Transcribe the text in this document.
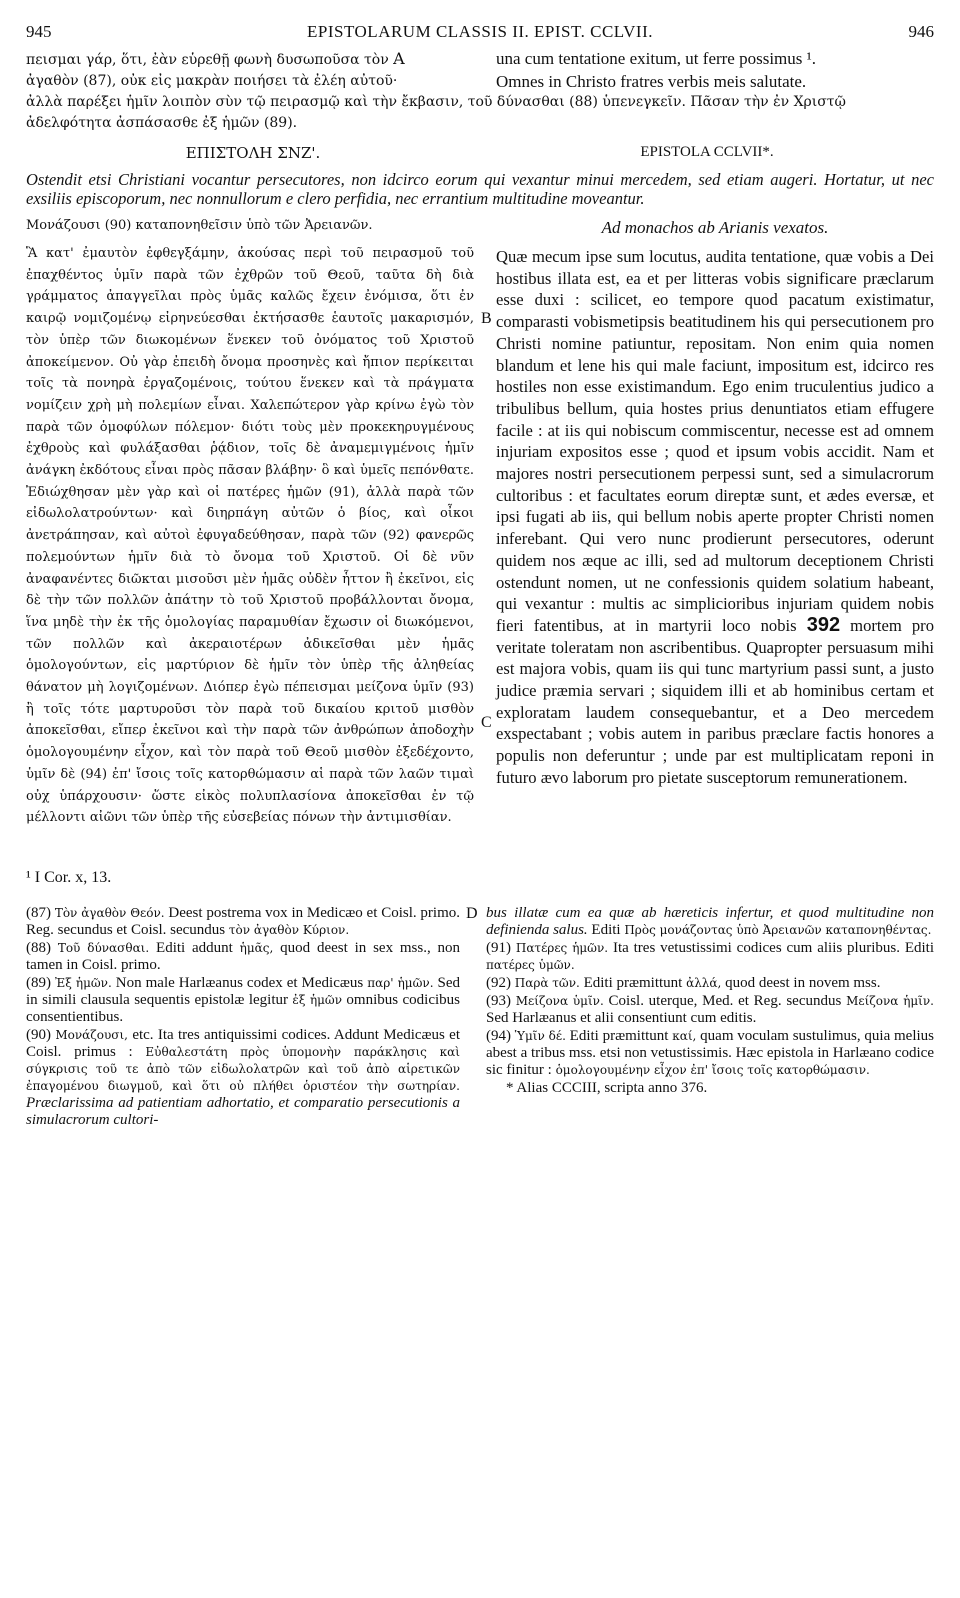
945	EPISTOLARUM CLASSIS II. EPIST. CCLVII.	946
πεισμαι γάρ, ὅτι, ἐὰν εὑρεθῇ φωνὴ δυσωποῦσα τὸν A	una cum tentatione exitum, ut ferre possimus ¹.
ἀγαθὸν (87), οὐκ εἰς μακρὰν ποιήσει τὰ ἐλέη αὐτοῦ·	Omnes in Christo fratres verbis meis salutate.
ἀλλὰ παρέξει ἡμῖν λοιπὸν σὺν τῷ πειρασμῷ καὶ τὴν ἔκβασιν, τοῦ δύνασθαι (88) ὑπενεγκεῖν. Πᾶσαν τὴν ἐν Χριστῷ ἀδελφότητα ἀσπάσασθε ἐξ ἡμῶν (89).
ΕΠΙΣΤΟΛΗ ΣΝΖ'.	EPISTOLA CCLVII*.
Ostendit etsi Christiani vocantur persecutores, non idcirco eorum qui vexantur minui mercedem, sed etiam augeri. Hortatur, ut nec exsiliis episcoporum, nec nonnullorum e clero perfidia, nec errantium multitudine moveantur.
Μονάζουσι (90) καταπονηθεῖσιν ὑπὸ τῶν Ἀρειανῶν.

Ἃ κατ' ἐμαυτὸν ἐφθεγξάμην, ἀκούσας περὶ τοῦ πειρασμοῦ τοῦ ἐπαχθέντος ὑμῖν παρὰ τῶν ἐχθρῶν τοῦ Θεοῦ, ταῦτα δὴ διὰ γράμματος ἀπαγγεῖλαι πρὸς ὑμᾶς καλῶς ἔχειν ἐνόμισα, ὅτι ἐν καιρῷ νομιζομένῳ εἰρηνεύεσθαι ἐκτήσασθε ἑαυτοῖς μακαρισμόν, τὸν ὑπὲρ τῶν διωκομένων ἕνεκεν τοῦ ὀνόματος τοῦ Χριστοῦ ἀποκείμενον. Οὐ γὰρ ἐπειδὴ ὄνομα προσηνὲς καὶ ἤπιον περίκειται τοῖς τὰ πονηρὰ ἐργαζομένοις, τούτου ἕνεκεν καὶ τὰ πράγματα νομίζειν χρὴ μὴ πολεμίων εἶναι. Χαλεπώτερον γὰρ κρίνω ἐγὼ τὸν παρὰ τῶν ὁμοφύλων πόλεμον· διότι τοὺς μὲν προκεκηρυγμένους ἐχθροὺς καὶ φυλάξασθαι ῥᾴδιον, τοῖς δὲ ἀναμεμιγμένοις ἡμῖν ἀνάγκη ἐκδότους εἶναι πρὸς πᾶσαν βλάβην· ὃ καὶ ὑμεῖς πεπόνθατε. Ἐδιώχθησαν μὲν γὰρ καὶ οἱ πατέρες ἡμῶν (91), ἀλλὰ παρὰ τῶν εἰδωλολατρούντων· καὶ διηρπάγη αὐτῶν ὁ βίος, καὶ οἶκοι ἀνετράπησαν, καὶ αὐτοὶ ἐφυγαδεύθησαν, παρὰ τῶν (92) φανερῶς πολεμούντων ἡμῖν διὰ τὸ ὄνομα τοῦ Χριστοῦ. Οἱ δὲ νῦν ἀναφανέντες διῶκται μισοῦσι μὲν ἡμᾶς οὐδὲν ἧττον ἢ ἐκεῖνοι, εἰς δὲ τὴν τῶν πολλῶν ἀπάτην τὸ τοῦ Χριστοῦ προβάλλονται ὄνομα, ἵνα μηδὲ τὴν ἐκ τῆς ὁμολογίας παραμυθίαν ἔχωσιν οἱ διωκόμενοι, τῶν πολλῶν καὶ ἀκεραιοτέρων ἀδικεῖσθαι μὲν ἡμᾶς ὁμολογούντων, εἰς μαρτύριον δὲ ἡμῖν τὸν ὑπὲρ τῆς ἀληθείας θάνατον μὴ λογιζομένων. Διόπερ ἐγὼ πέπεισμαι μείζονα ὑμῖν (93) ἢ τοῖς τότε μαρτυροῦσι τὸν παρὰ τοῦ δικαίου κριτοῦ μισθὸν ἀποκεῖσθαι, εἴπερ ἐκεῖνοι καὶ τὴν παρὰ τῶν ἀνθρώπων ἀποδοχὴν ὁμολογουμένην εἶχον, καὶ τὸν παρὰ τοῦ Θεοῦ μισθὸν ἐξεδέχοντο, ὑμῖν δὲ (94) ἐπ' ἴσοις τοῖς κατορθώμασιν αἱ παρὰ τῶν λαῶν τιμαὶ οὐχ ὑπάρχουσιν· ὥστε εἰκὸς πολυπλασίονα ἀποκεῖσθαι ἐν τῷ μέλλοντι αἰῶνι τῶν ὑπὲρ τῆς εὐσεβείας πόνων τὴν ἀντιμισθίαν.

B
C
Ad monachos ab Arianis vexatos.

Quæ mecum ipse sum locutus, audita tentatione, quæ vobis a Dei hostibus illata est, ea et per litteras vobis significare præclarum esse duxi : scilicet, eo tempore quod pacatum existimatur, comparasti vobismetipsis beatitudinem his qui persecutionem pro Christi nomine patiuntur, repositam. Non enim quia nomen blandum et lene his qui male faciunt, impositum est, idcirco res hostiles non esse existimandum. Ego enim truculentius judico a tribulibus bellum, quia hostes prius denuntiatos etiam effugere facile : at iis qui nobiscum commiscentur, necesse est ad omnem injuriam expositos esse ; quod et ipsum vobis accidit. Nam et majores nostri persecutionem perpessi sunt, sed a simulacrorum cultoribus : et facultates eorum direptæ sunt, et ædes eversæ, et ipsi fugati ab iis, qui bellum nobis aperte propter Christi nomen inferebant. Qui vero nunc prodierunt persecutores, oderunt quidem nos æque ac illi, sed ad multorum deceptionem Christi ostendunt nomen, ut ne confessionis quidem solatium habeant, qui vexantur : multis ac simplicioribus injuriam quidem nobis fieri fatentibus, at in martyrii loco nobis 392 mortem pro veritate toleratam non ascribentibus. Quapropter persuasum mihi est majora vobis, quam iis qui tunc martyrium passi sunt, a justo judice præmia servari ; siquidem illi et ab hominibus certam et exploratam laudem consequebantur, et a Deo mercedem exspectabant ; vobis autem in paribus præclare factis honores a populis non deferuntur ; unde par est multiplicatam reponi in futuro ævo laborum pro pietate susceptorum remunerationem.

¹ I Cor. x, 13.
D

(87) Τὸν ἀγαθὸν Θεόν. Deest postrema vox in Medicæo et Coisl. primo. Reg. secundus et Coisl. secundus τὸν ἀγαθὸν Κύριον.

(88) Τοῦ δύνασθαι. Editi addunt ἡμᾶς, quod deest in sex mss., non tamen in Coisl. primo.

(89) Ἐξ ἡμῶν. Non male Harlæanus codex et Medicæus παρ' ἡμῶν. Sed in simili clausula sequentis epistolæ legitur ἐξ ἡμῶν omnibus codicibus consentientibus.

(90) Μονάζουσι, etc. Ita tres antiquissimi codices. Addunt Medicæus et Coisl. primus : Εὐθαλεστάτη πρὸς ὑπομονὴν παράκλησις καὶ σύγκρισις τοῦ τε ἀπὸ τῶν εἰδωλολατρῶν καὶ τοῦ ἀπὸ αἱρετικῶν ἐπαγομένου διωγμοῦ, καὶ ὅτι οὐ πλήθει ὁριστέον τὴν σωτηρίαν. Præclarissima ad patientiam adhortatio, et comparatio persecutionis a simulacrorum cultori-

bus illatæ cum ea quæ ab hæreticis infertur, et quod multitudine non definienda salus. Editi Πρὸς μονάζοντας ὑπὸ Ἀρειανῶν καταπονηθέντας.

(91) Πατέρες ἡμῶν. Ita tres vetustissimi codices cum aliis pluribus. Editi πατέρες ὑμῶν.

(92) Παρὰ τῶν. Editi præmittunt ἀλλά, quod deest in novem mss.

(93) Μείζονα ὑμῖν. Coisl. uterque, Med. et Reg. secundus Μείζονα ἡμῖν. Sed Harlæanus et alii consentiunt cum editis.

(94) Ὑμῖν δέ. Editi præmittunt καί, quam voculam sustulimus, quia melius abest a tribus mss. etsi non vetustissimis. Hæc epistola in Harlæano codice sic finitur : ὁμολογουμένην εἶχον ἐπ' ἴσοις τοῖς κατορθώμασιν.

* Alias CCCIII, scripta anno 376.
